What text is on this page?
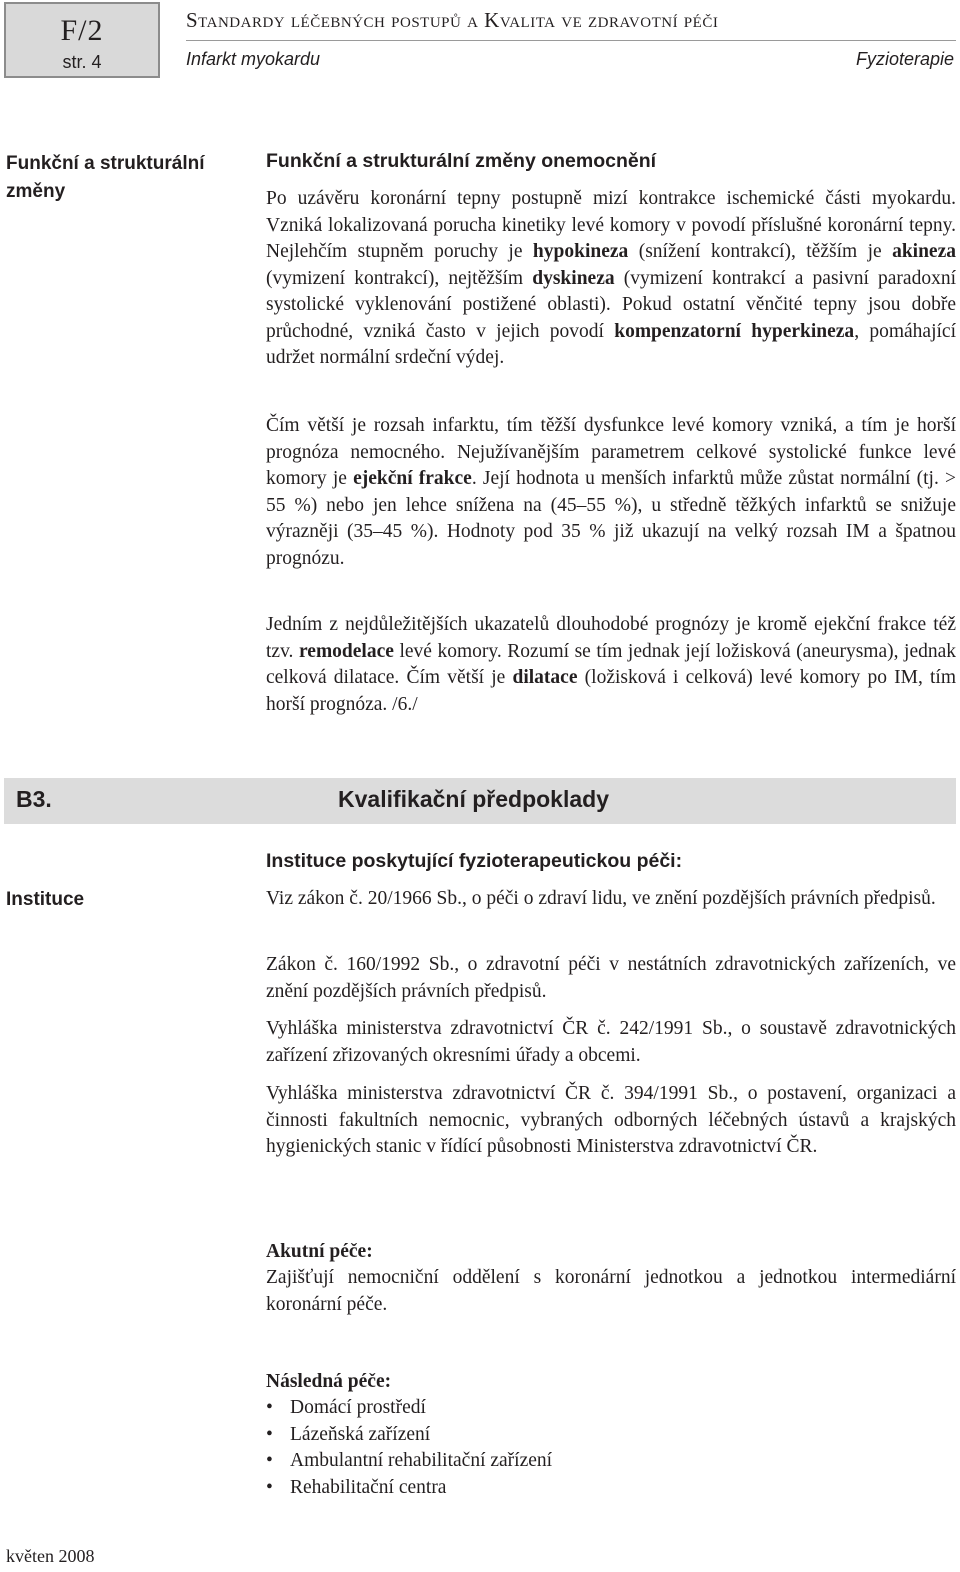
F/2
str. 4
Standardy léčebných postupů a Kvalita ve zdravotní péči
Infarkt myokardu	Fyzioterapie
Funkční a strukturální změny
Funkční a strukturální změny onemocnění

Po uzávěru koronární tepny postupně mizí kontrakce ischemické části myokardu. Vzniká lokalizovaná porucha kinetiky levé komory v povodí příslušné koronární tepny. Nejlehčím stupněm poruchy je hypokineza (snížení kontrakcí), těžším je akineza (vymizení kontrakcí), nejtěžším dyskineza (vymizení kontrakcí a pasivní paradoxní systolické vyklenování postižené oblasti). Pokud ostatní věnčité tepny jsou dobře průchodné, vzniká často v jejich povodí kompenzatorní hyperkineza, pomáhající udržet normální srdeční výdej.

Čím větší je rozsah infarktu, tím těžší dysfunkce levé komory vzniká, a tím je horší prognóza nemocného. Nejužívanějším parametrem celkové systolické funkce levé komory je ejekční frakce. Její hodnota u menších infarktů může zůstat normální (tj. > 55 %) nebo jen lehce snížena na (45–55 %), u středně těžkých infarktů se snižuje výrazněji (35–45 %). Hodnoty pod 35 % již ukazují na velký rozsah IM a špatnou prognózu.

Jedním z nejdůležitějších ukazatelů dlouhodobé prognózy je kromě ejekční frakce též tzv. remodelace levé komory. Rozumí se tím jednak její ložisková (aneurysma), jednak celková dilatace. Čím větší je dilatace (ložisková i celková) levé komory po IM, tím horší prognóza. /6./

B3.	Kvalifikační předpoklady
Instituce
Instituce poskytující fyzioterapeutickou péči:

Viz zákon č. 20/1966 Sb., o péči o zdraví lidu, ve znění pozdějších právních předpisů.

Zákon č. 160/1992 Sb., o zdravotní péči v nestátních zdravotnických zařízeních, ve znění pozdějších právních předpisů.

Vyhláška ministerstva zdravotnictví ČR č. 242/1991 Sb., o soustavě zdravotnických zařízení zřizovaných okresními úřady a obcemi.

Vyhláška ministerstva zdravotnictví ČR č. 394/1991 Sb., o postavení, organizaci a činnosti fakultních nemocnic, vybraných odborných léčebných ústavů a krajských hygienických stanic v řídící působnosti Ministerstva zdravotnictví ČR.

Akutní péče:

Zajišťují nemocniční oddělení s koronární jednotkou a jednotkou intermediární koronární péče.

Následná péče:

• Domácí prostředí
• Lázeňská zařízení
• Ambulantní rehabilitační zařízení
• Rehabilitační centra
květen 2008
